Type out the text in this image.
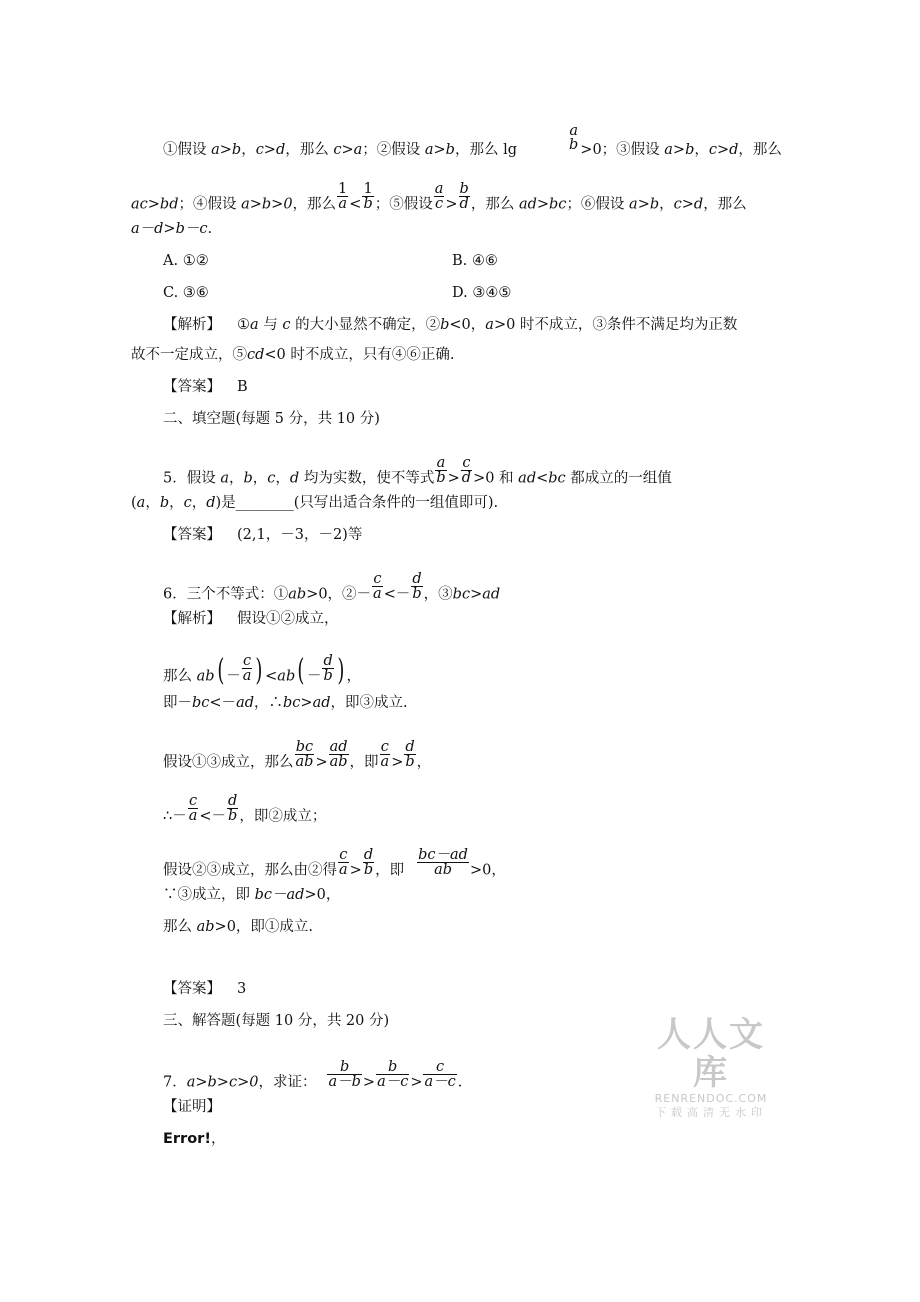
①假设 a>b，c>d，那么 c>a；②假设 a>b，那么 lg
a
b >0；③假设 a>b，c>d，那么
ac>bd；④假设 a>b>0，那么 $\frac{1}{a} < \frac{1}{b}$ ；⑤假设 $\frac{a}{c} > \frac{b}{d}$ ，那么 ad>bc；⑥假设 a>b，c>d，那么
a－d>b－c.
A. ①②	B. ④⑥
C. ③⑥	D. ③④⑤
【解析】 ①a 与 c 的大小显然不确定，②b<0，a>0 时不成立，③条件不满足均为正数
故不一定成立，⑤cd<0 时不成立，只有④⑥正确.
【答案】 B
二、填空题(每题 5 分，共 10 分)
5．假设 a，b，c，d 均为实数，使不等式 $\frac{a}{b} > \frac{c}{d} >0$ 和 ad<bc 都成立的一组值
(a，b，c，d)是________(只写出适合条件的一组值即可).
【答案】 (2,1，－3，－2)等
6．三个不等式：①ab>0，②－ $\frac{c}{a} <- \frac{d}{b}$ ，③bc>ad
【解析】 假设①②成立，
那么 $ab( - \frac{c}{a}$ ) $<ab( - \frac{d}{b}$ ) ，
即－bc<－ad，∴bc>ad，即③成立.
假设①③成立，那么 $\frac{bc}{ab} > \frac{ad}{ab}$ ，即 $\frac{c}{a} > \frac{d}{b}$ ，
∴－ $\frac{c}{a} <- \frac{d}{b}$ ，即②成立；
假设②③成立，那么由②得 $\frac{c}{a} > \frac{d}{b}$ ，即 $\frac{bc-ad}{ab} >0$，
∵③成立，即 bc－ad>0，
那么 ab>0，即①成立.
【答案】 3
三、解答题(每题 10 分，共 20 分)
7．a>b>c>0，求证： $\frac{b}{a-b} > \frac{b}{a-c} > \frac{c}{a-c}$ .
【证明】
Error!，
人人文库
RENRENDOC.COM
下载高清无水印
